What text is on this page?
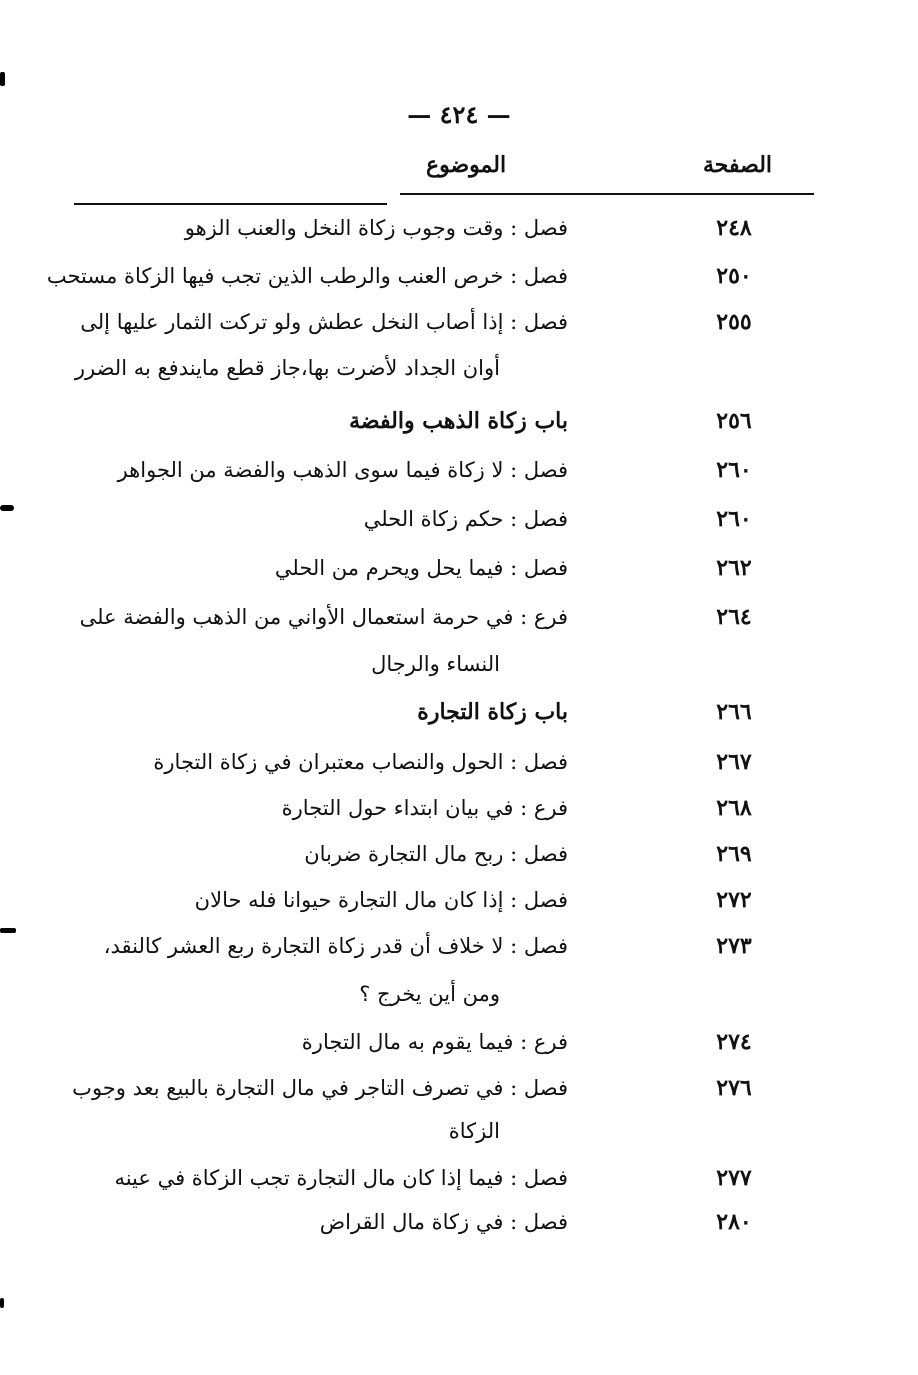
— ٤٢٤ —
الصفحة
الموضوع
٢٤٨
فصل : وقت وجوب زكاة النخل والعنب الزهو
٢٥٠
فصل : خرص العنب والرطب الذين تجب فيها الزكاة مستحب
٢٥٥
فصل : إذا أصاب النخل عطش ولو تركت الثمار عليها إلى
أوان الجداد لأضرت بها،جاز قطع مايندفع به الضرر
٢٥٦
باب زكاة الذهب والفضة
٢٦٠
فصل : لا زكاة فيما سوى الذهب والفضة من الجواهر
٢٦٠
فصل : حكم زكاة الحلي
٢٦٢
فصل : فيما يحل ويحرم من الحلي
٢٦٤
فرع : في حرمة استعمال الأواني من الذهب والفضة على
النساء والرجال
٢٦٦
باب زكاة التجارة
٢٦٧
فصل : الحول والنصاب معتبران في زكاة التجارة
٢٦٨
فرع : في بيان ابتداء حول التجارة
٢٦٩
فصل : ربح مال التجارة ضربان
٢٧٢
فصل : إذا كان مال التجارة حيوانا فله حالان
٢٧٣
فصل : لا خلاف أن قدر زكاة التجارة ربع العشر كالنقد،
ومن أين يخرج ؟
٢٧٤
فرع : فيما يقوم به مال التجارة
٢٧٦
فصل : في تصرف التاجر في مال التجارة بالبيع بعد وجوب
الزكاة
٢٧٧
فصل : فيما إذا كان مال التجارة تجب الزكاة في عينه
٢٨٠
فصل : في زكاة مال القراض
